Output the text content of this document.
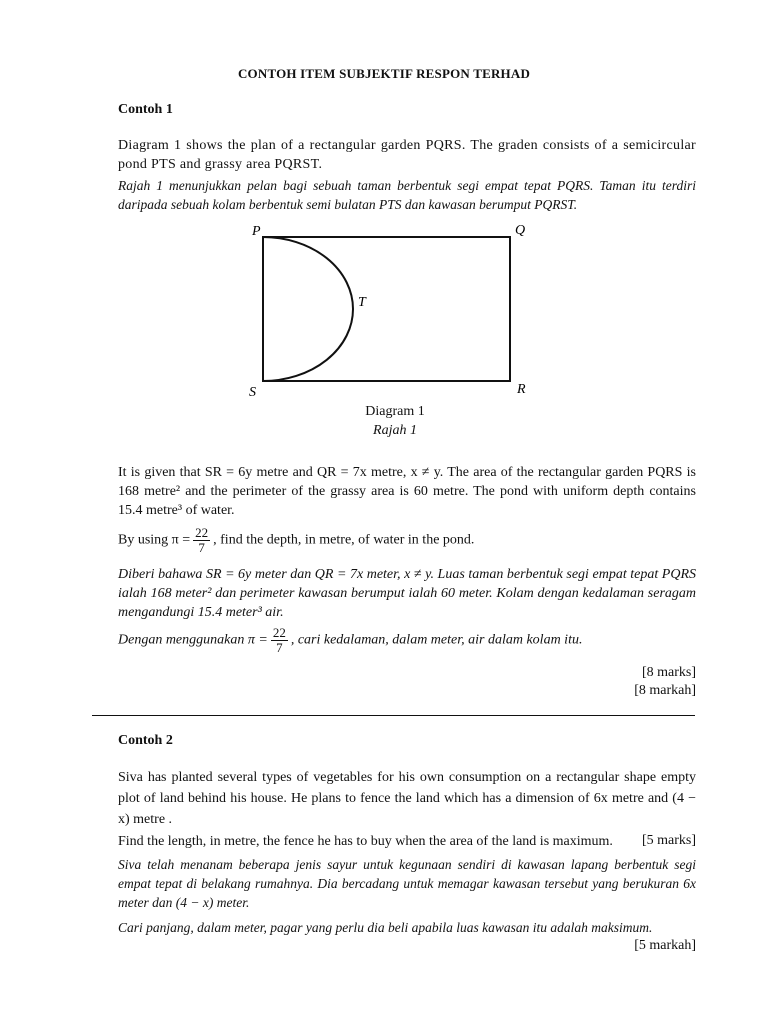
CONTOH ITEM SUBJEKTIF RESPON TERHAD
Contoh 1
Diagram 1 shows the plan of a rectangular garden PQRS. The graden consists of a semicircular pond PTS and grassy area PQRST.
Rajah 1 menunjukkan pelan bagi sebuah taman berbentuk segi empat tepat PQRS. Taman itu terdiri daripada sebuah kolam berbentuk semi bulatan PTS dan kawasan berumput PQRST.
P	Q
R
S
T
Diagram 1
Rajah 1
It is given that SR = 6y metre and QR = 7x metre, x ≠ y. The area of the rectangular garden PQRS is 168 metre² and the perimeter of the grassy area is 60 metre. The pond with uniform depth contains 15.4 metre³ of water.
By using $\pi = \frac{22}{7}$ , find the depth, in metre, of water in the pond.
Diberi bahawa SR = 6y meter dan QR = 7x meter, x ≠ y. Luas taman berbentuk segi empat tepat PQRS ialah 168 meter² dan perimeter kawasan berumput ialah 60 meter. Kolam dengan kedalaman seragam mengandungi 15.4 meter³ air.
Dengan menggunakan $\pi = \frac{22}{7}$ , cari kedalaman, dalam meter, air dalam kolam itu.
[8 marks]
[8 markah]
Contoh 2
Siva has planted several types of vegetables for his own consumption on a rectangular shape empty plot of land behind his house. He plans to fence the land which has a dimension of 6x metre and (4 − x) metre .
Find the length, in metre, the fence he has to buy when the area of the land is maximum.	[5 marks]
Siva telah menanam beberapa jenis sayur untuk kegunaan sendiri di kawasan lapang berbentuk segi empat tepat di belakang rumahnya. Dia bercadang untuk memagar kawasan tersebut yang berukuran 6x meter dan (4 − x) meter.
Cari panjang, dalam meter, pagar yang perlu dia beli apabila luas kawasan itu adalah maksimum.
[5 markah]
